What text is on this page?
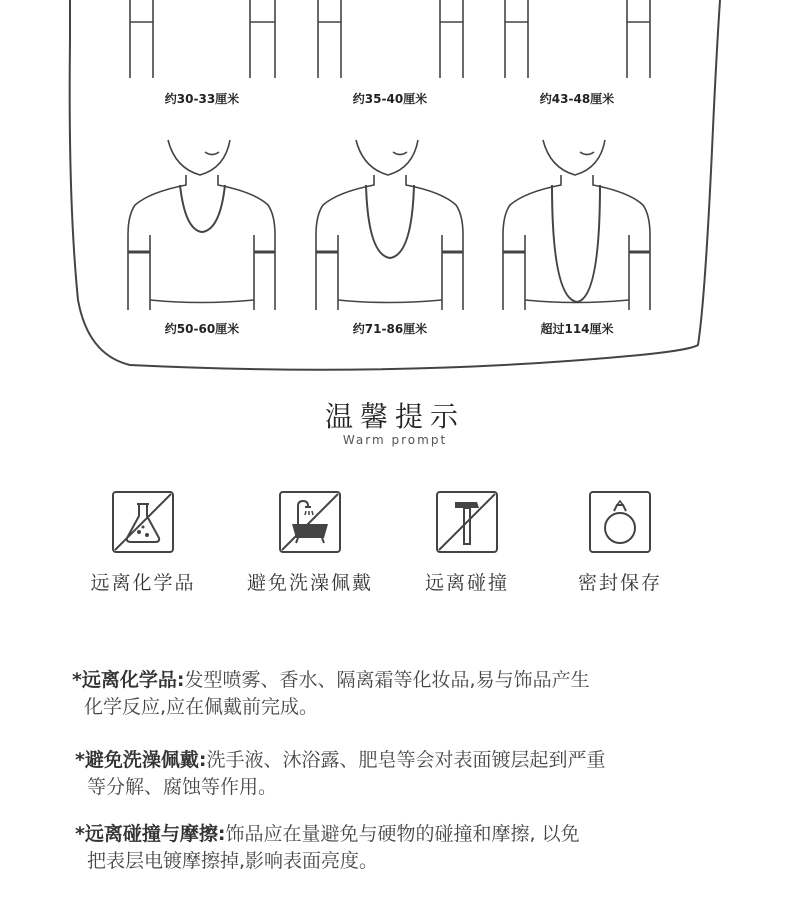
约30-33厘米	约35-40厘米	约43-48厘米
约50-60厘米	约71-86厘米	超过114厘米
温馨提示
Warm prompt
远离化学品	避免洗澡佩戴	远离碰撞	密封保存
*远离化学品:发型喷雾、香水、隔离霜等化妆品,易与饰品产生
化学反应,应在佩戴前完成。
*避免洗澡佩戴:洗手液、沐浴露、肥皂等会对表面镀层起到严重
等分解、腐蚀等作用。
*远离碰撞与摩擦:饰品应在量避免与硬物的碰撞和摩擦, 以免
把表层电镀摩擦掉,影响表面亮度。
